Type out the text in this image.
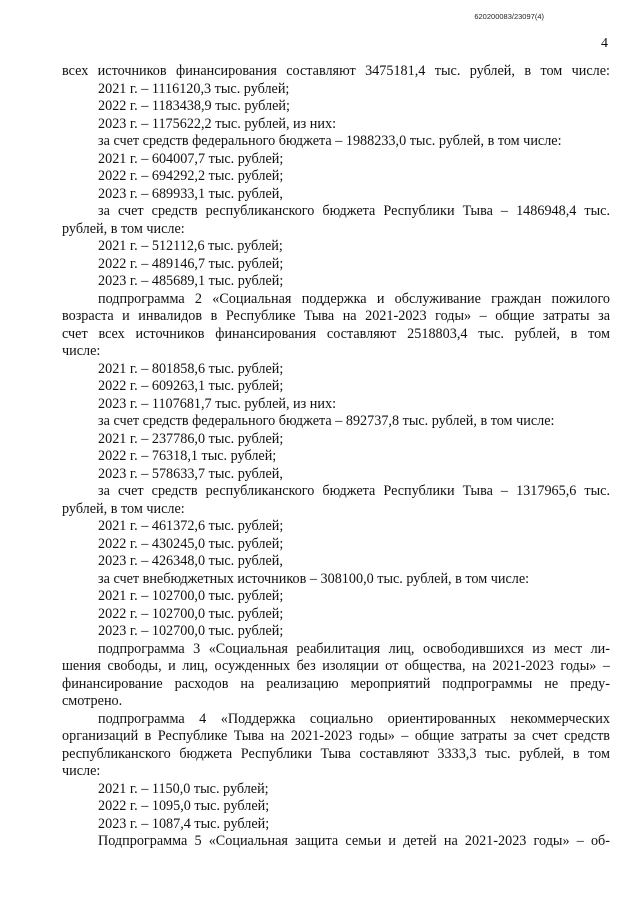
620200083/23097(4)
4
всех источников финансирования составляют 3475181,4 тыс. рублей, в том числе:
2021 г. – 1116120,3 тыс. рублей;
2022 г. – 1183438,9 тыс. рублей;
2023 г. – 1175622,2 тыс. рублей, из них:
за счет средств федерального бюджета – 1988233,0 тыс. рублей, в том числе:
2021 г. – 604007,7 тыс. рублей;
2022 г. – 694292,2 тыс. рублей;
2023 г. – 689933,1 тыс. рублей,
за счет средств республиканского бюджета Республики Тыва – 1486948,4 тыс.
рублей, в том числе:
2021 г. – 512112,6 тыс. рублей;
2022 г. – 489146,7 тыс. рублей;
2023 г. – 485689,1 тыс. рублей;
подпрограмма 2 «Социальная поддержка и обслуживание граждан пожилого
возраста и инвалидов в Республике Тыва на 2021-2023 годы» – общие затраты за
счет всех источников финансирования составляют 2518803,4 тыс. рублей, в том
числе:
2021 г. – 801858,6 тыс. рублей;
2022 г. – 609263,1 тыс. рублей;
2023 г. – 1107681,7 тыс. рублей, из них:
за счет средств федерального бюджета – 892737,8 тыс. рублей, в том числе:
2021 г. – 237786,0 тыс. рублей;
2022 г. – 76318,1 тыс. рублей;
2023 г. – 578633,7 тыс. рублей,
за счет средств республиканского бюджета Республики Тыва – 1317965,6 тыс.
рублей, в том числе:
2021 г. – 461372,6 тыс. рублей;
2022 г. – 430245,0 тыс. рублей;
2023 г. – 426348,0 тыс. рублей,
за счет внебюджетных источников – 308100,0 тыс. рублей, в том числе:
2021 г. – 102700,0 тыс. рублей;
2022 г. – 102700,0 тыс. рублей;
2023 г. – 102700,0 тыс. рублей;
подпрограмма 3 «Социальная реабилитация лиц, освободившихся из мест ли-
шения свободы, и лиц, осужденных без изоляции от общества, на 2021-2023 годы» –
финансирование расходов на реализацию мероприятий подпрограммы не преду-
смотрено.
подпрограмма 4 «Поддержка социально ориентированных некоммерческих
организаций в Республике Тыва на 2021-2023 годы» – общие затраты за счет средств
республиканского бюджета Республики Тыва составляют 3333,3 тыс. рублей, в том
числе:
2021 г. – 1150,0 тыс. рублей;
2022 г. – 1095,0 тыс. рублей;
2023 г. – 1087,4 тыс. рублей;
Подпрограмма 5 «Социальная защита семьи и детей на 2021-2023 годы» – об-
